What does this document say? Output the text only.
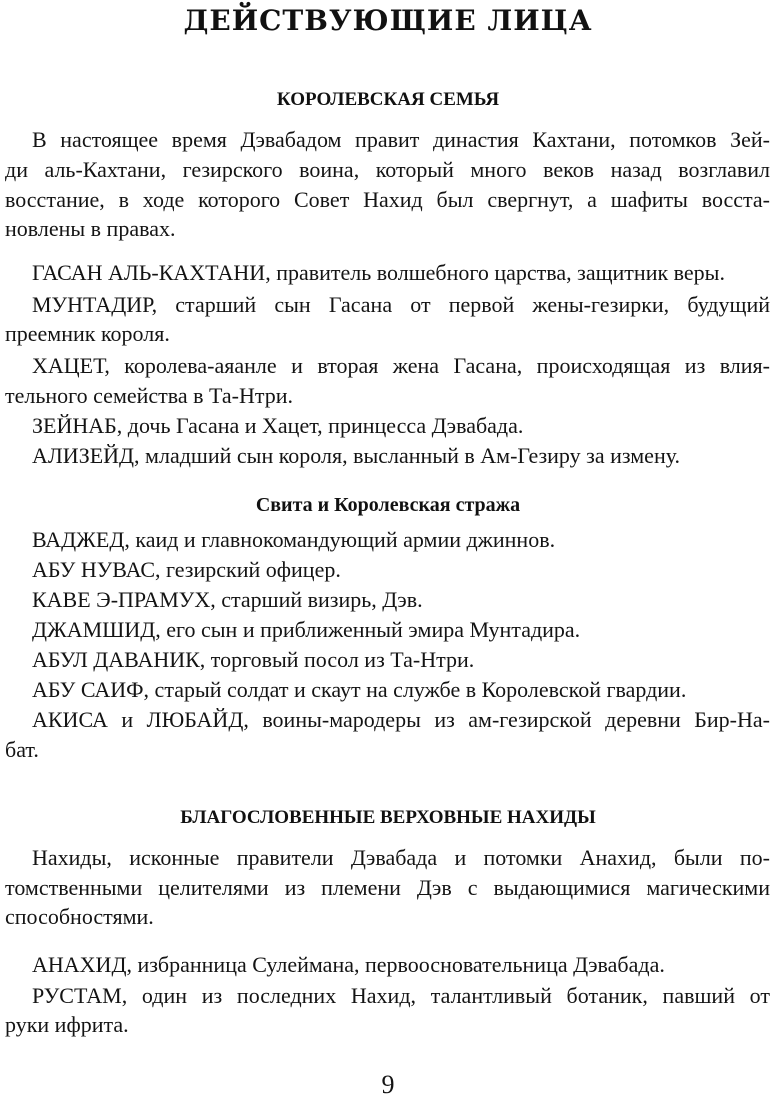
ДЕЙСТВУЮЩИЕ ЛИЦА
КОРОЛЕВСКАЯ СЕМЬЯ
В настоящее время Дэвабадом правит династия Кахтани, потомков Зей-
ди аль-Кахтани, гезирского воина, который много веков назад возглавил
восстание, в ходе которого Совет Нахид был свергнут, а шафиты восста-
новлены в правах.
ГАСАН АЛЬ-КАХТАНИ, правитель волшебного царства, защитник веры.
МУНТАДИР, старший сын Гасана от первой жены-гезирки, будущий
преемник короля.
ХАЦЕТ, королева-аяанле и вторая жена Гасана, происходящая из влия-
тельного семейства в Та-Нтри.
ЗЕЙНАБ, дочь Гасана и Хацет, принцесса Дэвабада.
АЛИЗЕЙД, младший сын короля, высланный в Ам-Гезиру за измену.
Свита и Королевская стража
ВАДЖЕД, каид и главнокомандующий армии джиннов.
АБУ НУВАС, гезирский офицер.
КАВЕ Э-ПРАМУХ, старший визирь, Дэв.
ДЖАМШИД, его сын и приближенный эмира Мунтадира.
АБУЛ ДАВАНИК, торговый посол из Та-Нтри.
АБУ САИФ, старый солдат и скаут на службе в Королевской гвардии.
АКИСА и ЛЮБАЙД, воины-мародеры из ам-гезирской деревни Бир-На-
бат.
БЛАГОСЛОВЕННЫЕ ВЕРХОВНЫЕ НАХИДЫ
Нахиды, исконные правители Дэвабада и потомки Анахид, были по-
томственными целителями из племени Дэв с выдающимися магическими
способностями.
АНАХИД, избранница Сулеймана, первоосновательница Дэвабада.
РУСТАМ, один из последних Нахид, талантливый ботаник, павший от
руки ифрита.
9
